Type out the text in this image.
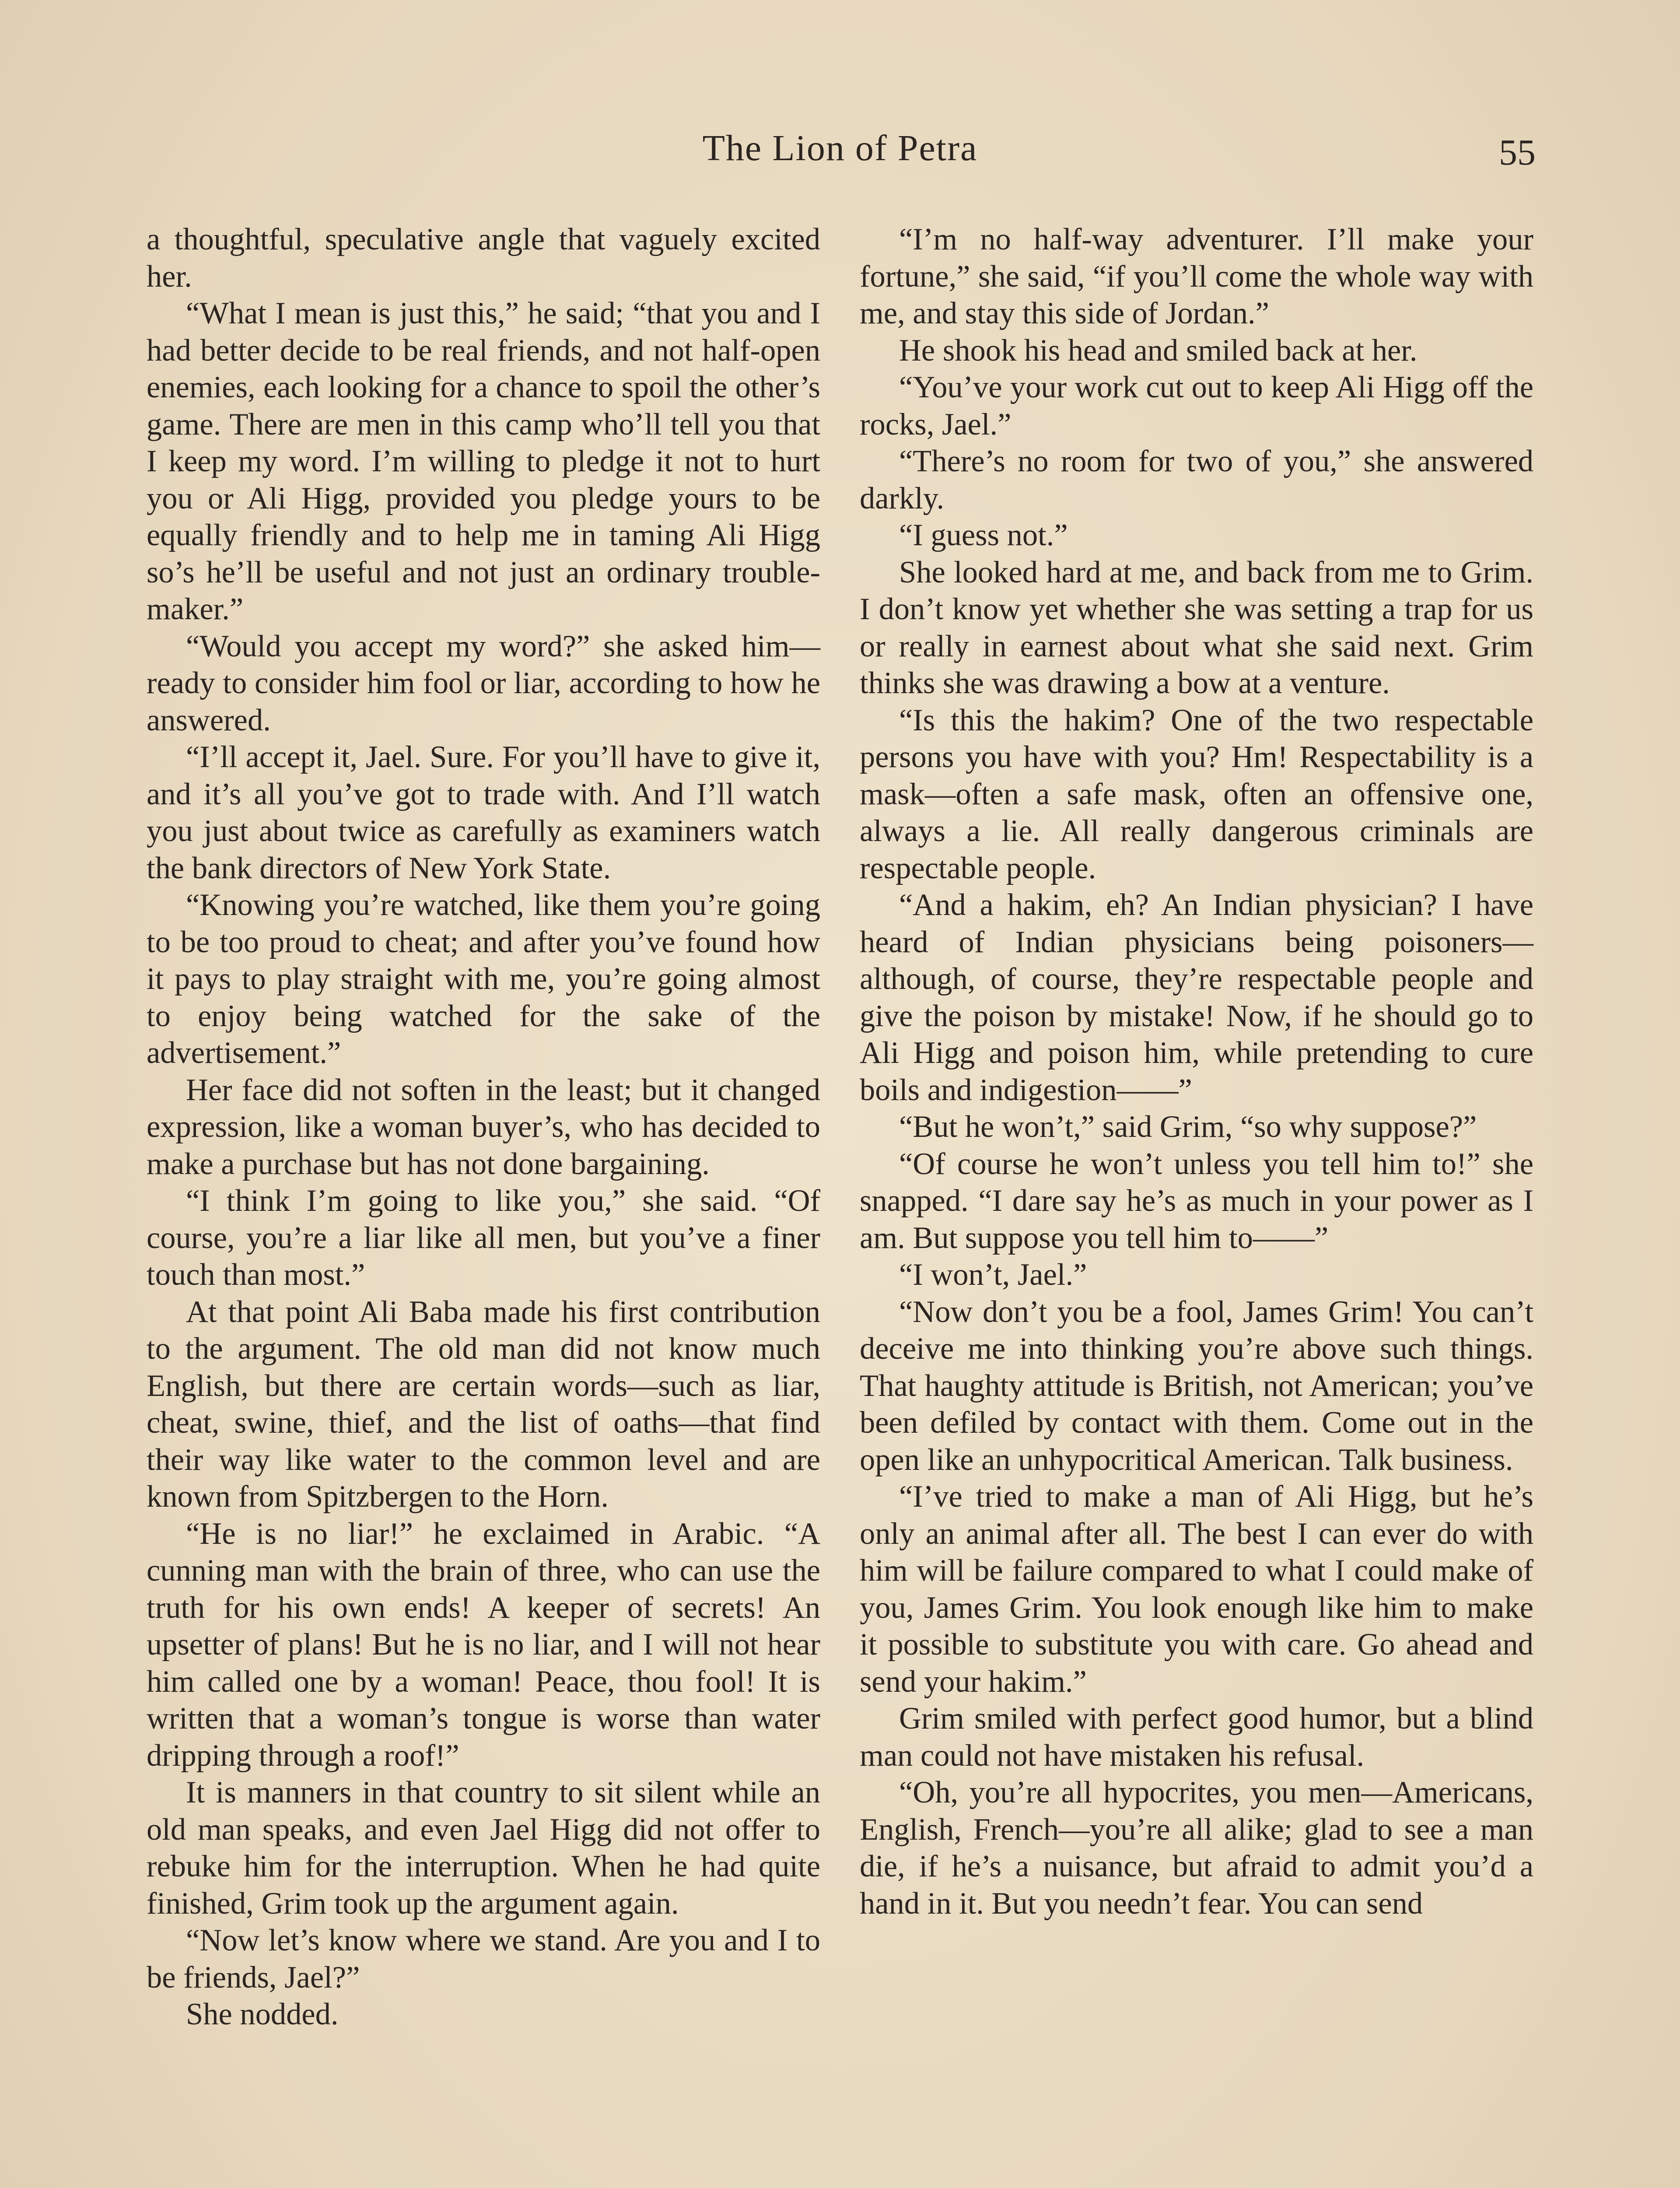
The Lion of Petra	55

a thoughtful, speculative angle that vaguely excited her.

“What I mean is just this,” he said; “that you and I had better decide to be real friends, and not half-open enemies, each looking for a chance to spoil the other’s game. There are men in this camp who’ll tell you that I keep my word. I’m willing to pledge it not to hurt you or Ali Higg, provided you pledge yours to be equally friendly and to help me in taming Ali Higg so’s he’ll be useful and not just an ordinary trouble-maker.”

“Would you accept my word?” she asked him—ready to consider him fool or liar, according to how he answered.

“I’ll accept it, Jael. Sure. For you’ll have to give it, and it’s all you’ve got to trade with. And I’ll watch you just about twice as carefully as examiners watch the bank directors of New York State.

“Knowing you’re watched, like them you’re going to be too proud to cheat; and after you’ve found how it pays to play straight with me, you’re going almost to enjoy being watched for the sake of the advertisement.”

Her face did not soften in the least; but it changed expression, like a woman buyer’s, who has decided to make a purchase but has not done bargaining.

“I think I’m going to like you,” she said. “Of course, you’re a liar like all men, but you’ve a finer touch than most.”

At that point Ali Baba made his first contribution to the argument. The old man did not know much English, but there are certain words—such as liar, cheat, swine, thief, and the list of oaths—that find their way like water to the common level and are known from Spitzbergen to the Horn.

“He is no liar!” he exclaimed in Arabic. “A cunning man with the brain of three, who can use the truth for his own ends! A keeper of secrets! An upsetter of plans! But he is no liar, and I will not hear him called one by a woman! Peace, thou fool! It is written that a woman’s tongue is worse than water dripping through a roof!”

It is manners in that country to sit silent while an old man speaks, and even Jael Higg did not offer to rebuke him for the interruption. When he had quite finished, Grim took up the argument again.

“Now let’s know where we stand. Are you and I to be friends, Jael?”

She nodded.

“I’m no half-way adventurer. I’ll make your fortune,” she said, “if you’ll come the whole way with me, and stay this side of Jordan.”

He shook his head and smiled back at her.

“You’ve your work cut out to keep Ali Higg off the rocks, Jael.”

“There’s no room for two of you,” she answered darkly.

“I guess not.”

She looked hard at me, and back from me to Grim. I don’t know yet whether she was setting a trap for us or really in earnest about what she said next. Grim thinks she was drawing a bow at a venture.

“Is this the hakim? One of the two respectable persons you have with you? Hm! Respectability is a mask—often a safe mask, often an offensive one, always a lie. All really dangerous criminals are respectable people.

“And a hakim, eh? An Indian physician? I have heard of Indian physicians being poisoners—although, of course, they’re respectable people and give the poison by mistake! Now, if he should go to Ali Higg and poison him, while pretending to cure boils and indigestion——”

“But he won’t,” said Grim, “so why suppose?”

“Of course he won’t unless you tell him to!” she snapped. “I dare say he’s as much in your power as I am. But suppose you tell him to——”

“I won’t, Jael.”

“Now don’t you be a fool, James Grim! You can’t deceive me into thinking you’re above such things. That haughty attitude is British, not American; you’ve been defiled by contact with them. Come out in the open like an unhypocritical American. Talk business.

“I’ve tried to make a man of Ali Higg, but he’s only an animal after all. The best I can ever do with him will be failure compared to what I could make of you, James Grim. You look enough like him to make it possible to substitute you with care. Go ahead and send your hakim.”

Grim smiled with perfect good humor, but a blind man could not have mistaken his refusal.

“Oh, you’re all hypocrites, you men—Americans, English, French—you’re all alike; glad to see a man die, if he’s a nuisance, but afraid to admit you’d a hand in it. But you needn’t fear. You can send
